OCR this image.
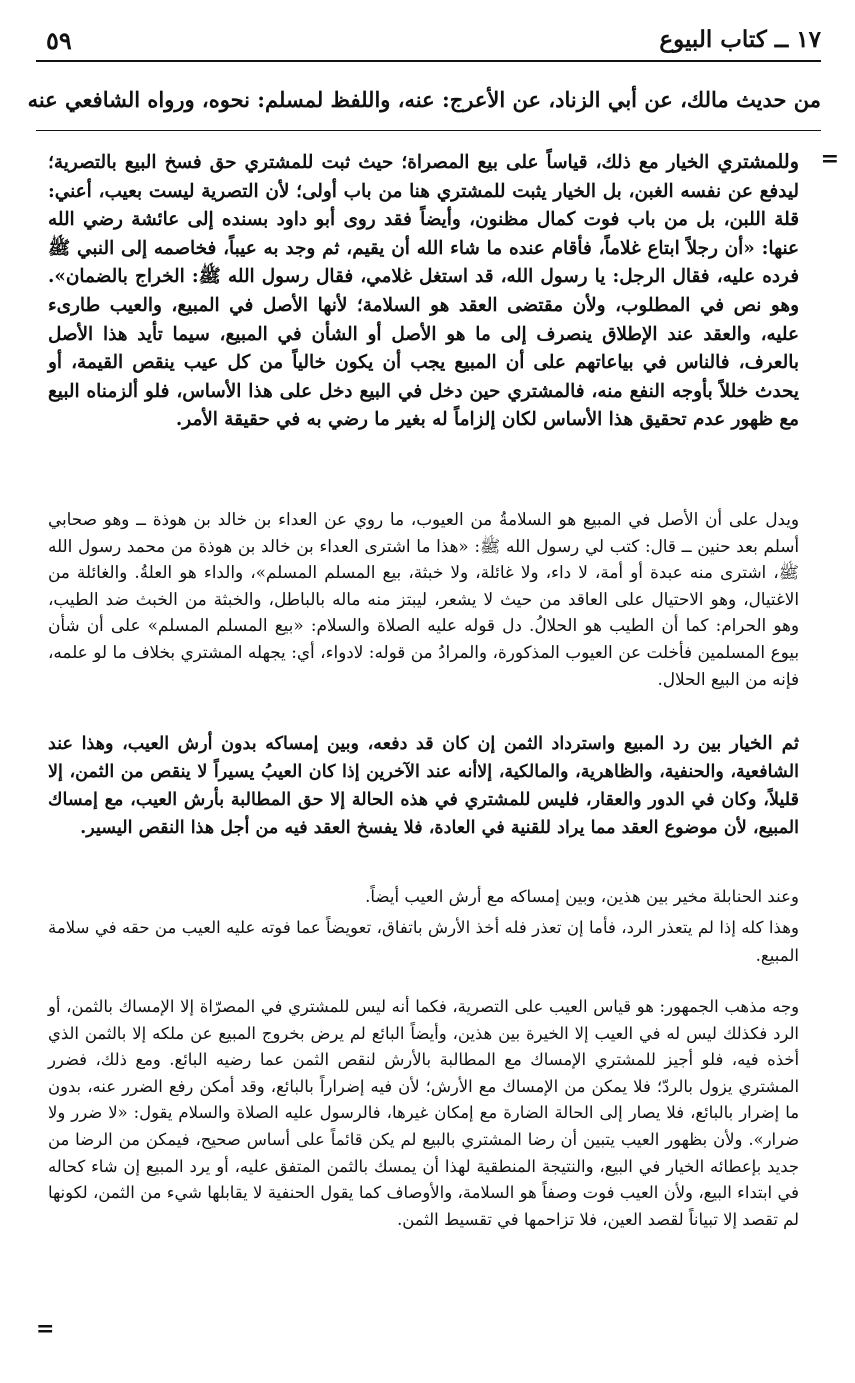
١٧ ــ كتاب البيوع
٥٩
من حديث مالك، عن أبي الزناد، عن الأعرج: عنه، واللفظ لمسلم: نحوه، ورواه الشافعي عنه
=

وللمشتري الخيار مع ذلك، قياساً على بيع المصراة؛ حيث ثبت للمشتري حق فسخ البيع بالتصرية؛ ليدفع عن نفسه الغبن، بل الخيار يثبت للمشتري هنا من باب أولى؛ لأن التصرية ليست بعيب، أعني: قلة اللبن، بل من باب فوت كمال مظنون، وأيضاً فقد روى أبو داود بسنده إلى عائشة رضي الله عنها: «أن رجلاً ابتاع غلاماً، فأقام عنده ما شاء الله أن يقيم، ثم وجد به عيباً، فخاصمه إلى النبي ﷺ فرده عليه، فقال الرجل: يا رسول الله، قد استغل غلامي، فقال رسول الله ﷺ: الخراج بالضمان». وهو نص في المطلوب، ولأن مقتضى العقد هو السلامة؛ لأنها الأصل في المبيع، والعيب طارىء عليه، والعقد عند الإطلاق ينصرف إلى ما هو الأصل أو الشأن في المبيع، سيما تأيد هذا الأصل بالعرف، فالناس في بياعاتهم على أن المبيع يجب أن يكون خالياً من كل عيب ينقص القيمة، أو يحدث خللاً بأوجه النفع منه، فالمشتري حين دخل في البيع دخل على هذا الأساس، فلو ألزمناه البيع مع ظهور عدم تحقيق هذا الأساس لكان إلزاماً له بغير ما رضي به في حقيقة الأمر.

ويدل على أن الأصل في المبيع هو السلامةُ من العيوب، ما روي عن العداء بن خالد بن هوذة ــ وهو صحابي أسلم بعد حنين ــ قال: كتب لي رسول الله ﷺ: «هذا ما اشترى العداء بن خالد بن هوذة من محمد رسول الله ﷺ، اشترى منه عبدة أو أمة، لا داء، ولا غائلة، ولا خبثة، بيع المسلم المسلم»، والداء هو العلةُ. والغائلة من الاغتيال، وهو الاحتيال على العاقد من حيث لا يشعر، ليبتز منه ماله بالباطل، والخبثة من الخبث ضد الطيب، وهو الحرام: كما أن الطيب هو الحلالُ. دل قوله عليه الصلاة والسلام: «بيع المسلم المسلم» على أن شأن بيوع المسلمين فأخلت عن العيوب المذكورة، والمرادُ من قوله: لادواء، أي: يجهله المشتري بخلاف ما لو علمه، فإنه من البيع الحلال.

ثم الخيار بين رد المبيع واسترداد الثمن إن كان قد دفعه، وبين إمساكه بدون أرش العيب، وهذا عند الشافعية، والحنفية، والظاهرية، والمالكية، إلاأنه عند الآخرين إذا كان العيبُ يسيراً لا ينقص من الثمن، إلا قليلاً، وكان في الدور والعقار، فليس للمشتري في هذه الحالة إلا حق المطالبة بأرش العيب، مع إمساك المبيع، لأن موضوع العقد مما يراد للقنية في العادة، فلا يفسخ العقد فيه من أجل هذا النقص اليسير.

وعند الحنابلة مخير بين هذين، وبين إمساكه مع أرش العيب أيضاً.

وهذا كله إذا لم يتعذر الرد، فأما إن تعذر فله أخذ الأرش باتفاق، تعويضاً عما فوته عليه العيب من حقه في سلامة المبيع.

وجه مذهب الجمهور: هو قياس العيب على التصرية، فكما أنه ليس للمشتري في المصرّاة إلا الإمساك بالثمن، أو الرد فكذلك ليس له في العيب إلا الخيرة بين هذين، وأيضاً البائع لم يرض بخروج المبيع عن ملكه إلا بالثمن الذي أخذه فيه، فلو أجيز للمشتري الإمساك مع المطالبة بالأرش لنقص الثمن عما رضيه البائع. ومع ذلك، فضرر المشتري يزول بالردّ؛ فلا يمكن من الإمساك مع الأرش؛ لأن فيه إضراراً بالبائع، وقد أمكن رفع الضرر عنه، بدون ما إضرار بالبائع، فلا يصار إلى الحالة الضارة مع إمكان غيرها، فالرسول عليه الصلاة والسلام يقول: «لا ضرر ولا ضرار». ولأن بظهور العيب يتبين أن رضا المشتري بالبيع لم يكن قائماً على أساس صحيح، فيمكن من الرضا من جديد بإعطائه الخيار في البيع، والنتيجة المنطقية لهذا أن يمسك بالثمن المتفق عليه، أو يرد المبيع إن شاء كحاله في ابتداء البيع، ولأن العيب فوت وصفاً هو السلامة، والأوصاف كما يقول الحنفية لا يقابلها شيء من الثمن، لكونها لم تقصد إلا تبياناً لقصد العين، فلا تزاحمها في تقسيط الثمن.

=
